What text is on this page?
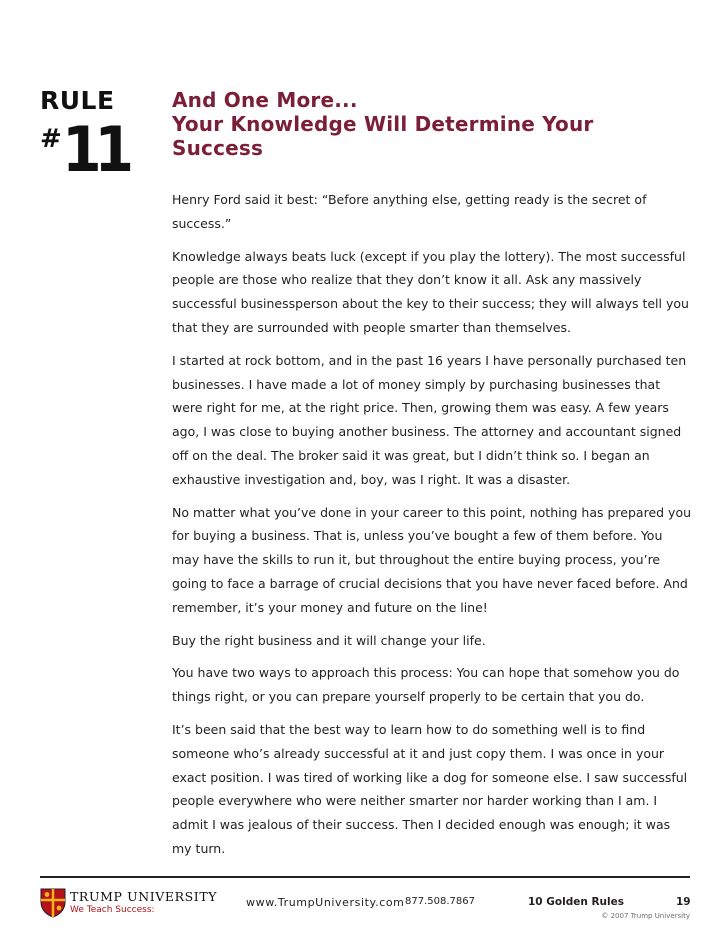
RULE
# 11
And One More...
Your Knowledge Will Determine Your
Success

Henry Ford said it best: “Before anything else, getting ready is the secret of success.”

Knowledge always beats luck (except if you play the lottery). The most successful people are those who realize that they don’t know it all. Ask any massively successful businessperson about the key to their success; they will always tell you that they are surrounded with people smarter than themselves.

I started at rock bottom, and in the past 16 years I have personally purchased ten businesses. I have made a lot of money simply by purchasing businesses that were right for me, at the right price. Then, growing them was easy. A few years ago, I was close to buying another business. The attorney and accountant signed off on the deal. The broker said it was great, but I didn’t think so. I began an exhaustive investigation and, boy, was I right. It was a disaster.

No matter what you’ve done in your career to this point, nothing has prepared you for buying a business. That is, unless you’ve bought a few of them before. You may have the skills to run it, but throughout the entire buying process, you’re going to face a barrage of crucial decisions that you have never faced before. And remember, it’s your money and future on the line!

Buy the right business and it will change your life.

You have two ways to approach this process: You can hope that somehow you do things right, or you can prepare yourself properly to be certain that you do.

It’s been said that the best way to learn how to do something well is to find someone who’s already successful at it and just copy them. I was once in your exact position. I was tired of working like a dog for someone else. I saw successful people everywhere who were neither smarter nor harder working than I am. I admit I was jealous of their success. Then I decided enough was enough; it was my turn.

TRUMP UNIVERSITY
We Teach Success:
www.TrumpUniversity.com 877.508.7867	10 Golden Rules	19
© 2007 Trump University
